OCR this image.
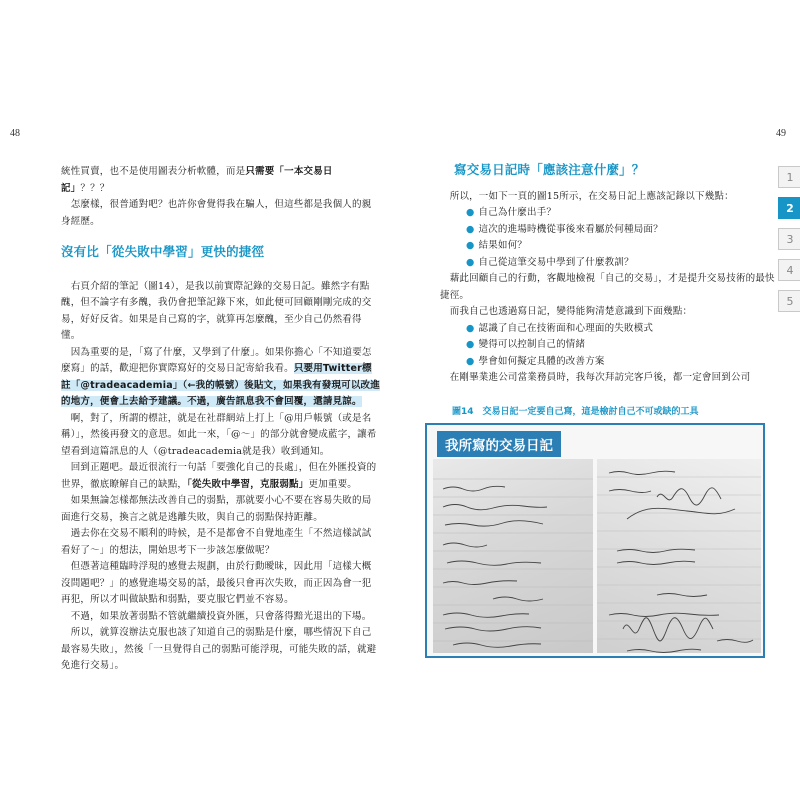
48

統性買賣，也不是使用圖表分析軟體，而是只需要「一本交易日記」？？？

　怎麼樣，很普通對吧？也許你會覺得我在騙人，但這些都是我個人的親身經歷。

沒有比「從失敗中學習」更快的捷徑

　右頁介紹的筆記（圖14），是我以前實際記錄的交易日記。雖然字有點醜，但不論字有多醜，我仍會把筆記錄下來，如此便可回顧剛剛完成的交易，好好反省。如果是自己寫的字，就算再怎麼醜，至少自己仍然看得懂。

　因為重要的是，「寫了什麼，又學到了什麼」。如果你擔心「不知道要怎麼寫」的話，歡迎把你實際寫好的交易日記寄給我看。只要用Twitter標註「@tradeacademia」（←我的帳號）後貼文，如果我有發現可以改進的地方，便會上去給予建議。不過，廣告訊息我不會回覆，還請見諒。

　啊，對了，所謂的標註，就是在社群網站上打上「@用戶帳號（或是名稱）」，然後再發文的意思。如此一來，「@～」的部分就會變成藍字，讓希望看到這篇訊息的人（@tradeacademia就是我）收到通知。

　回到正題吧。最近很流行一句話「要強化自己的長處」，但在外匯投資的世界，徹底瞭解自己的缺點，「從失敗中學習，克服弱點」更加重要。

　如果無論怎樣都無法改善自己的弱點，那就要小心不要在容易失敗的局面進行交易，換言之就是逃離失敗，與自己的弱點保持距離。

　過去你在交易不順利的時候，是不是都會不自覺地產生「不然這樣試試看好了～」的想法，開始思考下一步該怎麼做呢？

　但憑著這種臨時浮現的感覺去規劃，由於行動曖昧，因此用「這樣大概沒問題吧？」的感覺進場交易的話，最後只會再次失敗，而正因為會一犯再犯，所以才叫做缺點和弱點，要克服它們並不容易。

　不過，如果放著弱點不管就繼續投資外匯，只會落得黯光退出的下場。

　所以，就算沒辦法克服也該了知道自己的弱點是什麼，哪些情況下自己最容易失敗」，然後「一旦覺得自己的弱點可能浮現，可能失敗的話，就避免進行交易」。

49
寫交易日記時「應該注意什麼」？

　所以，一如下一頁的圖15所示，在交易日記上應該記錄以下幾點：

● 自己為什麼出手？

● 這次的進場時機從事後來看屬於何種局面？

● 結果如何？

● 自己從這筆交易中學到了什麼教訓？

　藉此回顧自己的行動，客觀地檢視「自己的交易」，才是提升交易技術的最快捷徑。

　而我自己也透過寫日記，變得能夠清楚意識到下面幾點：

● 認識了自己在技術面和心理面的失敗模式

● 變得可以控制自己的情緒

● 學會如何擬定具體的改善方案

　在剛畢業進公司當業務員時，我每次拜訪完客戶後，都一定會回到公司

圖14　交易日記一定要自己寫，這是檢討自己不可或缺的工具
我所寫的交易日記
1
2
3
4
5
